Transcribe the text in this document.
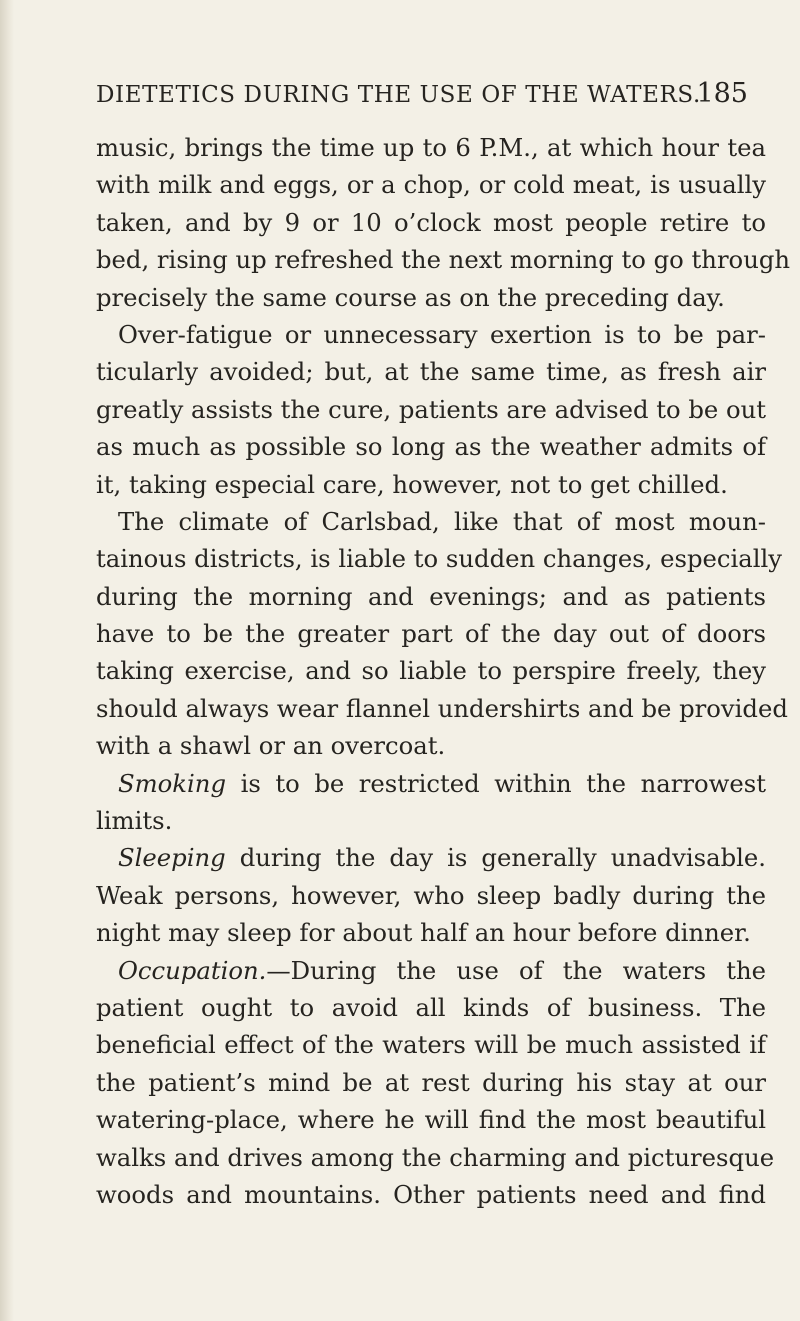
DIETETICS DURING THE USE OF THE WATERS.
185
music, brings the time up to 6 P.M., at which hour tea
with milk and eggs, or a chop, or cold meat, is usually
taken, and by 9 or 10 o’clock most people retire to
bed, rising up refreshed the next morning to go through
precisely the same course as on the preceding day.
Over-fatigue or unnecessary exertion is to be par-
ticularly avoided; but, at the same time, as fresh air
greatly assists the cure, patients are advised to be out
as much as possible so long as the weather admits of
it, taking especial care, however, not to get chilled.
The climate of Carlsbad, like that of most moun-
tainous districts, is liable to sudden changes, especially
during the morning and evenings; and as patients
have to be the greater part of the day out of doors
taking exercise, and so liable to perspire freely, they
should always wear flannel undershirts and be provided
with a shawl or an overcoat.
Smoking is to be restricted within the narrowest
limits.
Sleeping during the day is generally unadvisable.
Weak persons, however, who sleep badly during the
night may sleep for about half an hour before dinner.
Occupation.—During the use of the waters the
patient ought to avoid all kinds of business. The
beneficial effect of the waters will be much assisted if
the patient’s mind be at rest during his stay at our
watering-place, where he will find the most beautiful
walks and drives among the charming and picturesque
woods and mountains. Other patients need and find
